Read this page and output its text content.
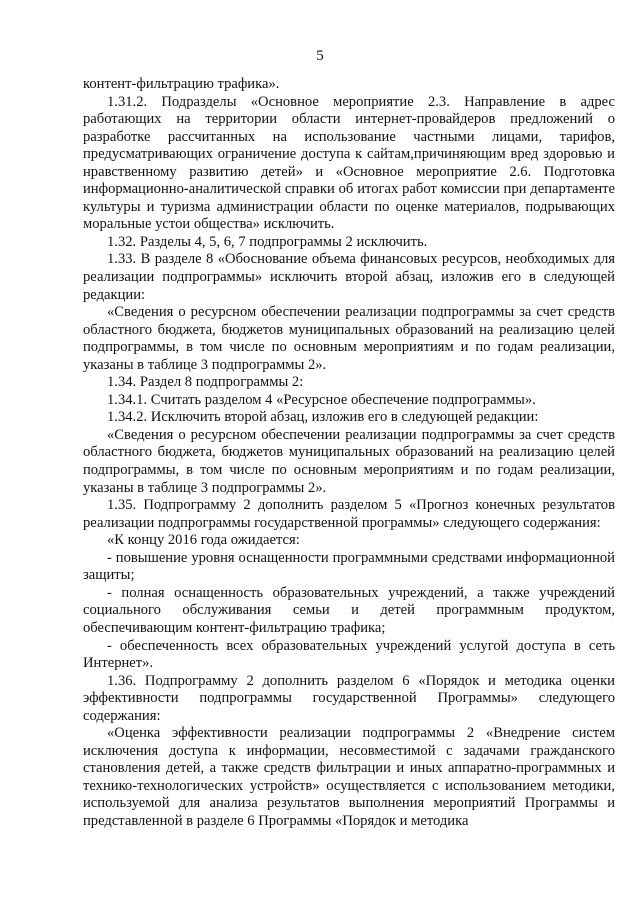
5

контент-фильтрацию трафика».

1.31.2. Подразделы «Основное мероприятие 2.3. Направление в адрес работающих на территории области интернет-провайдеров предложений о разработке рассчитанных на использование частными лицами, тарифов, предусматривающих ограничение доступа к сайтам,причиняющим вред здоровью и нравственному развитию детей» и «Основное мероприятие 2.6. Подготовка информационно-аналитической справки об итогах работ комиссии при департаменте культуры и туризма администрации области по оценке материалов, подрывающих моральные устои общества» исключить.

1.32. Разделы 4, 5, 6, 7 подпрограммы 2 исключить.

1.33. В разделе 8 «Обоснование объема финансовых ресурсов, необходимых для реализации подпрограммы» исключить второй абзац, изложив его в следующей редакции:

«Сведения о ресурсном обеспечении реализации подпрограммы за счет средств областного бюджета, бюджетов муниципальных образований на реализацию целей подпрограммы, в том числе по основным мероприятиям и по годам реализации, указаны в таблице 3 подпрограммы 2».

1.34. Раздел 8 подпрограммы 2:

1.34.1. Считать разделом 4 «Ресурсное обеспечение подпрограммы».

1.34.2. Исключить второй абзац, изложив его в следующей редакции:

«Сведения о ресурсном обеспечении реализации подпрограммы за счет средств областного бюджета, бюджетов муниципальных образований на реализацию целей подпрограммы, в том числе по основным мероприятиям и по годам реализации, указаны в таблице 3 подпрограммы 2».

1.35. Подпрограмму 2 дополнить разделом 5 «Прогноз конечных результатов реализации подпрограммы государственной программы» следующего содержания:

«К концу 2016 года ожидается:

- повышение уровня оснащенности программными средствами информационной защиты;

- полная оснащенность образовательных учреждений, а также учреждений социального обслуживания семьи и детей программным продуктом, обеспечивающим контент-фильтрацию трафика;

- обеспеченность всех образовательных учреждений услугой доступа в сеть Интернет».

1.36. Подпрограмму 2 дополнить разделом 6 «Порядок и методика оценки эффективности подпрограммы государственной Программы» следующего содержания:

«Оценка эффективности реализации подпрограммы 2 «Внедрение систем исключения доступа к информации, несовместимой с задачами гражданского становления детей, а также средств фильтрации и иных аппаратно-программных и технико-технологических устройств» осуществляется с использованием методики, используемой для анализа результатов выполнения мероприятий Программы и представленной в разделе 6 Программы «Порядок и методика
